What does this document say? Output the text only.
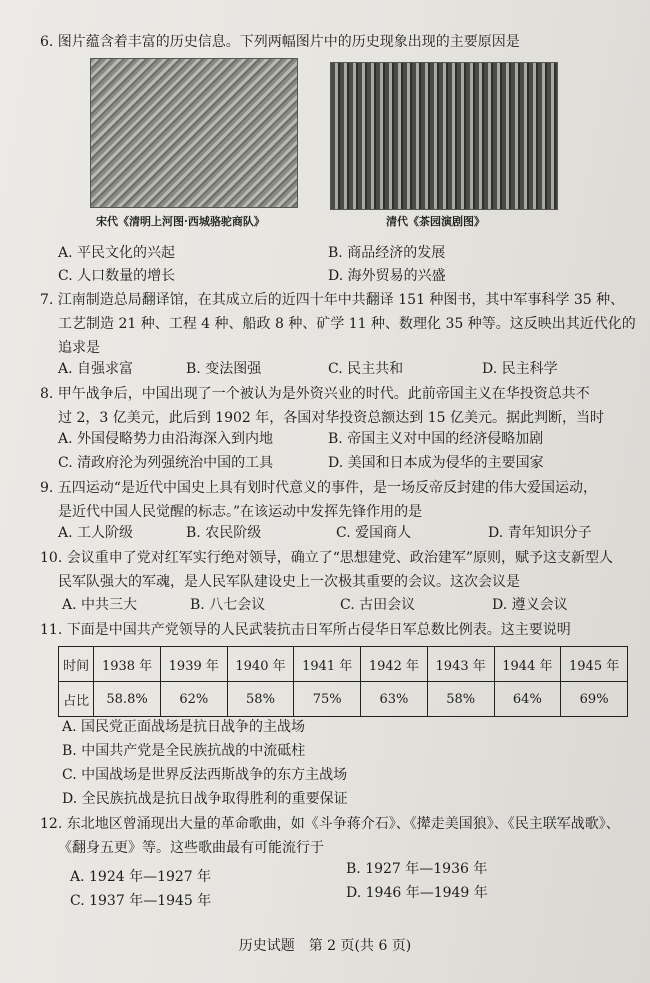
6. 图片蕴含着丰富的历史信息。下列两幅图片中的历史现象出现的主要原因是
宋代《清明上河图·西城骆驼商队》	清代《茶园演剧图》
A. 平民文化的兴起	B. 商品经济的发展
C. 人口数量的增长	D. 海外贸易的兴盛
7. 江南制造总局翻译馆，在其成立后的近四十年中共翻译 151 种图书，其中军事科学 35 种、
工艺制造 21 种、工程 4 种、船政 8 种、矿学 11 种、数理化 35 种等。这反映出其近代化的
追求是
A. 自强求富	B. 变法图强	C. 民主共和	D. 民主科学
8. 甲午战争后，中国出现了一个被认为是外资兴业的时代。此前帝国主义在华投资总共不
过 2，3 亿美元，此后到 1902 年，各国对华投资总额达到 15 亿美元。据此判断，当时
A. 外国侵略势力由沿海深入到内地	B. 帝国主义对中国的经济侵略加剧
C. 清政府沦为列强统治中国的工具	D. 美国和日本成为侵华的主要国家
9. 五四运动“是近代中国史上具有划时代意义的事件，是一场反帝反封建的伟大爱国运动，
是近代中国人民觉醒的标志。”在该运动中发挥先锋作用的是
A. 工人阶级	B. 农民阶级	C. 爱国商人	D. 青年知识分子
10. 会议重申了党对红军实行绝对领导，确立了“思想建党、政治建军”原则，赋予这支新型人
民军队强大的军魂，是人民军队建设史上一次极其重要的会议。这次会议是
A. 中共三大	B. 八七会议	C. 古田会议	D. 遵义会议
11. 下面是中国共产党领导的人民武装抗击日军所占侵华日军总数比例表。这主要说明
时间	1938 年	1939 年	1940 年	1941 年	1942 年	1943 年	1944 年	1945 年
占比	58.8%	62%	58%	75%	63%	58%	64%	69%
A. 国民党正面战场是抗日战争的主战场
B. 中国共产党是全民族抗战的中流砥柱
C. 中国战场是世界反法西斯战争的东方主战场
D. 全民族抗战是抗日战争取得胜利的重要保证
12. 东北地区曾涌现出大量的革命歌曲，如《斗争蒋介石》、《撵走美国狼》、《民主联军战歌》、
《翻身五更》等。这些歌曲最有可能流行于
B. 1927 年—1936 年
A. 1924 年—1927 年
D. 1946 年—1949 年
C. 1937 年—1945 年
历史试题　第 2 页(共 6 页)
